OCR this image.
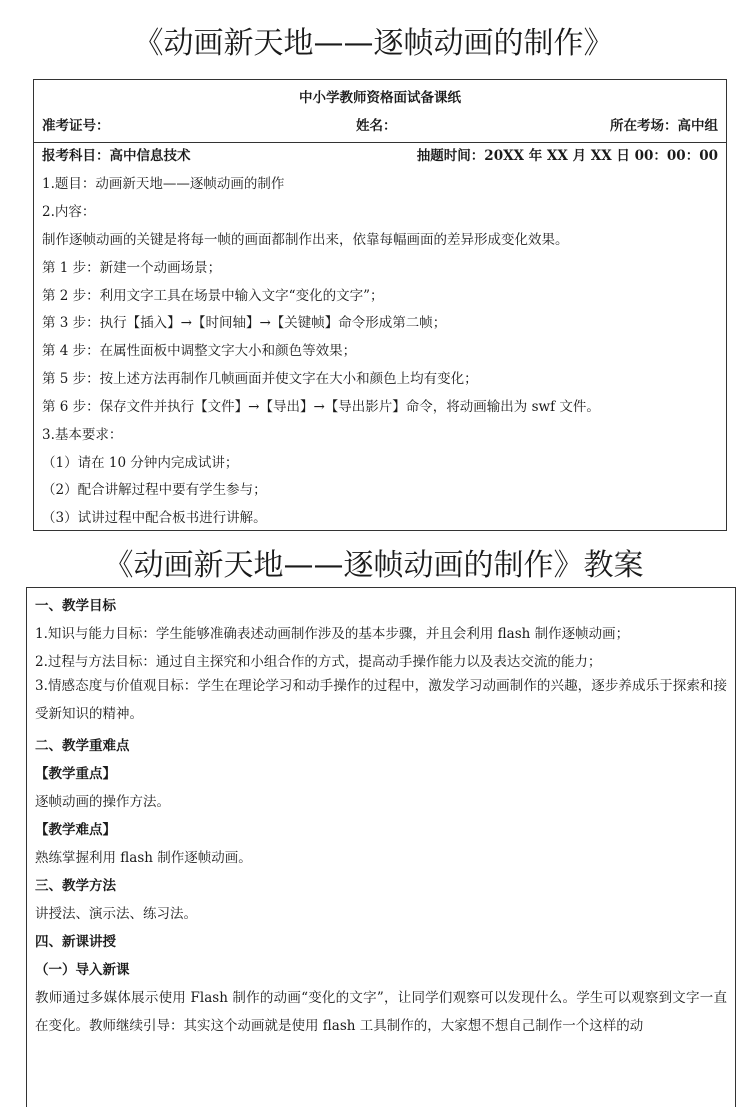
《动画新天地——逐帧动画的制作》
中小学教师资格面试备课纸
准考证号：	姓名：	所在考场：高中组
报考科目：高中信息技术	抽题时间：20XX 年 XX 月 XX 日 00：00：00
1.题目：动画新天地——逐帧动画的制作
2.内容：
制作逐帧动画的关键是将每一帧的画面都制作出来，依靠每幅画面的差异形成变化效果。
第 1 步：新建一个动画场景；
第 2 步：利用文字工具在场景中输入文字“变化的文字”；
第 3 步：执行【插入】→【时间轴】→【关键帧】命令形成第二帧；
第 4 步：在属性面板中调整文字大小和颜色等效果；
第 5 步：按上述方法再制作几帧画面并使文字在大小和颜色上均有变化；
第 6 步：保存文件并执行【文件】→【导出】→【导出影片】命令，将动画输出为 swf 文件。
3.基本要求：
（1）请在 10 分钟内完成试讲；
（2）配合讲解过程中要有学生参与；
（3）试讲过程中配合板书进行讲解。
《动画新天地——逐帧动画的制作》教案
一、教学目标
1.知识与能力目标：学生能够准确表述动画制作涉及的基本步骤，并且会利用 flash 制作逐帧动画；
2.过程与方法目标：通过自主探究和小组合作的方式，提高动手操作能力以及表达交流的能力；
3.情感态度与价值观目标：学生在理论学习和动手操作的过程中，激发学习动画制作的兴趣，逐步养成乐于探索和接受新知识的精神。
二、教学重难点
【教学重点】
逐帧动画的操作方法。
【教学难点】
熟练掌握利用 flash 制作逐帧动画。
三、教学方法
讲授法、演示法、练习法。
四、新课讲授
（一）导入新课
教师通过多媒体展示使用 Flash 制作的动画“变化的文字”，让同学们观察可以发现什么。学生可以观察到文字一直在变化。教师继续引导：其实这个动画就是使用 flash 工具制作的，大家想不想自己制作一个这样的动
